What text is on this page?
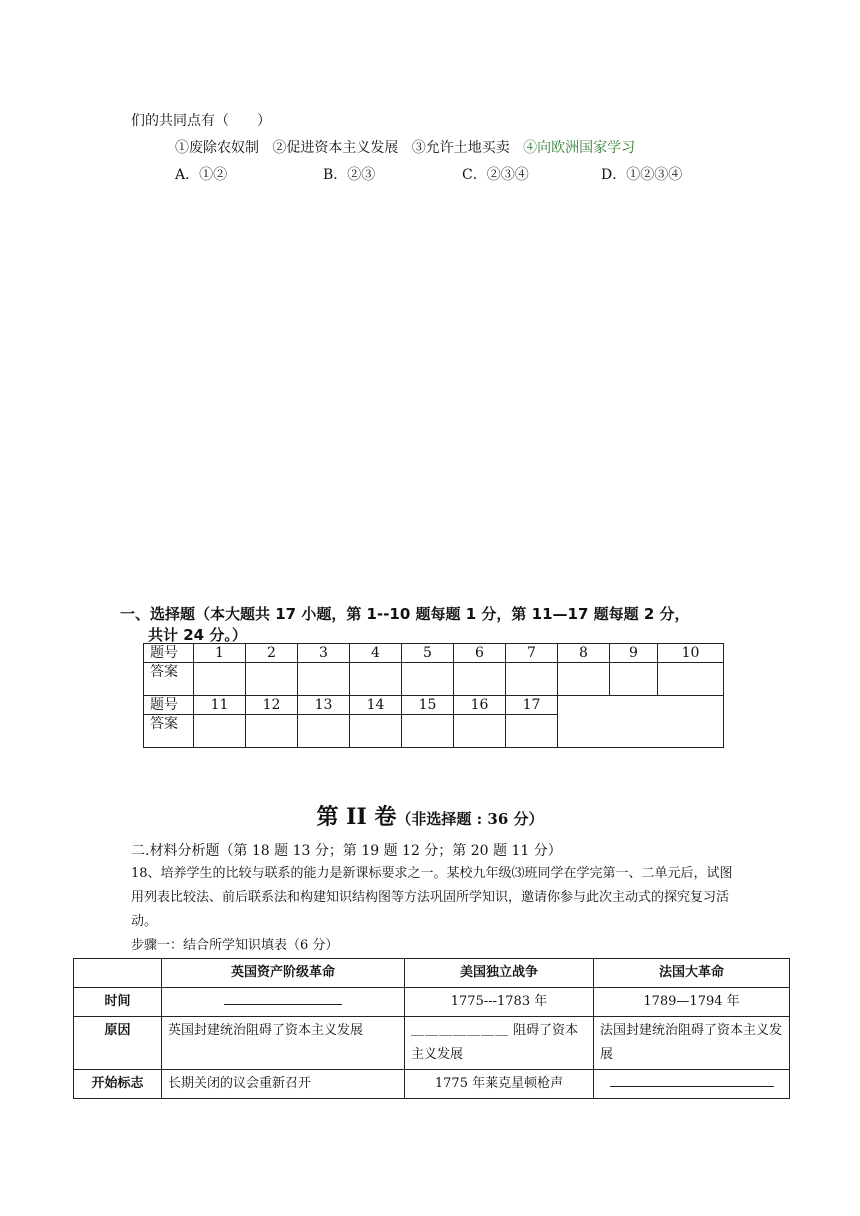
们的共同点有（　　）
①废除农奴制 ②促进资本主义发展 ③允许土地买卖 ④向欧洲国家学习
A．①②	B．②③	C．②③④	D．①②③④
一、选择题（本大题共 17 小题，第 1--10 题每题 1 分，第 11—17 题每题 2 分，
共计 24 分。）
题号	1	2	3	4	5	6	7	8	9	10
答案										
题号	11	12	13	14	15	16	17			
答案										
第 II 卷（非选择题 : 36 分）
二.材料分析题（第 18 题 13 分；第 19 题 12 分；第 20 题 11 分）
18、培养学生的比较与联系的能力是新课标要求之一。某校九年级⑶班同学在学完第一、二单元后，试图用列表比较法、前后联系法和构建知识结构图等方法巩固所学知识，邀请你参与此次主动式的探究复习活动。
步骤一：结合所学知识填表（6 分）
	英国资产阶级革命	美国独立战争	法国大革命
时间		1775---1783 年	1789—1794 年
原因	英国封建统治阻碍了资本主义发展	＿＿＿＿＿＿＿ 阻碍了资本主义发展	法国封建统治阻碍了资本主义发展
开始标志	长期关闭的议会重新召开	1775 年莱克星顿枪声	
